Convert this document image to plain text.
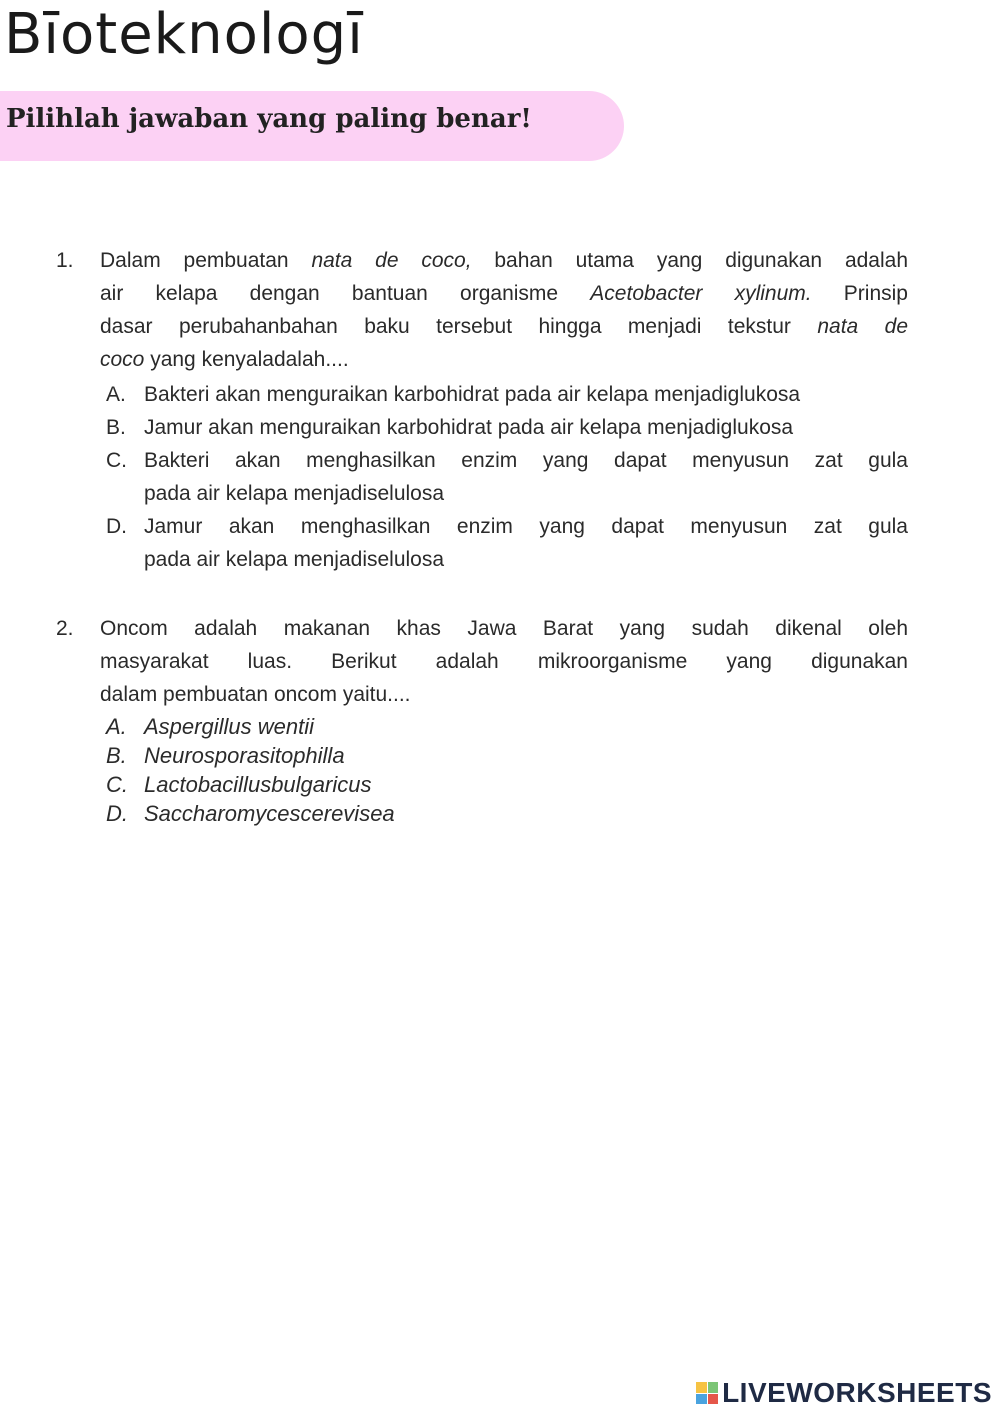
Bīoteknologī
Pilihlah jawaban yang paling benar!
1. Dalam pembuatan nata de coco, bahan utama yang digunakan adalah
air kelapa dengan bantuan organisme Acetobacter xylinum. Prinsip
dasar perubahanbahan baku tersebut hingga menjadi tekstur nata de
coco yang kenyaladalah....
A. Bakteri akan menguraikan karbohidrat pada air kelapa menjadiglukosa
B. Jamur akan menguraikan karbohidrat pada air kelapa menjadiglukosa
C. Bakteri akan menghasilkan enzim yang dapat menyusun zat gula
pada air kelapa menjadiselulosa
D. Jamur akan menghasilkan enzim yang dapat menyusun zat gula
pada air kelapa menjadiselulosa
2. Oncom adalah makanan khas Jawa Barat yang sudah dikenal oleh
masyarakat luas. Berikut adalah mikroorganisme yang digunakan
dalam pembuatan oncom yaitu....
A. Aspergillus wentii
B. Neurosporasitophilla
C. Lactobacillusbulgaricus
D. Saccharomycescerevisea
LIVEWORKSHEETS
